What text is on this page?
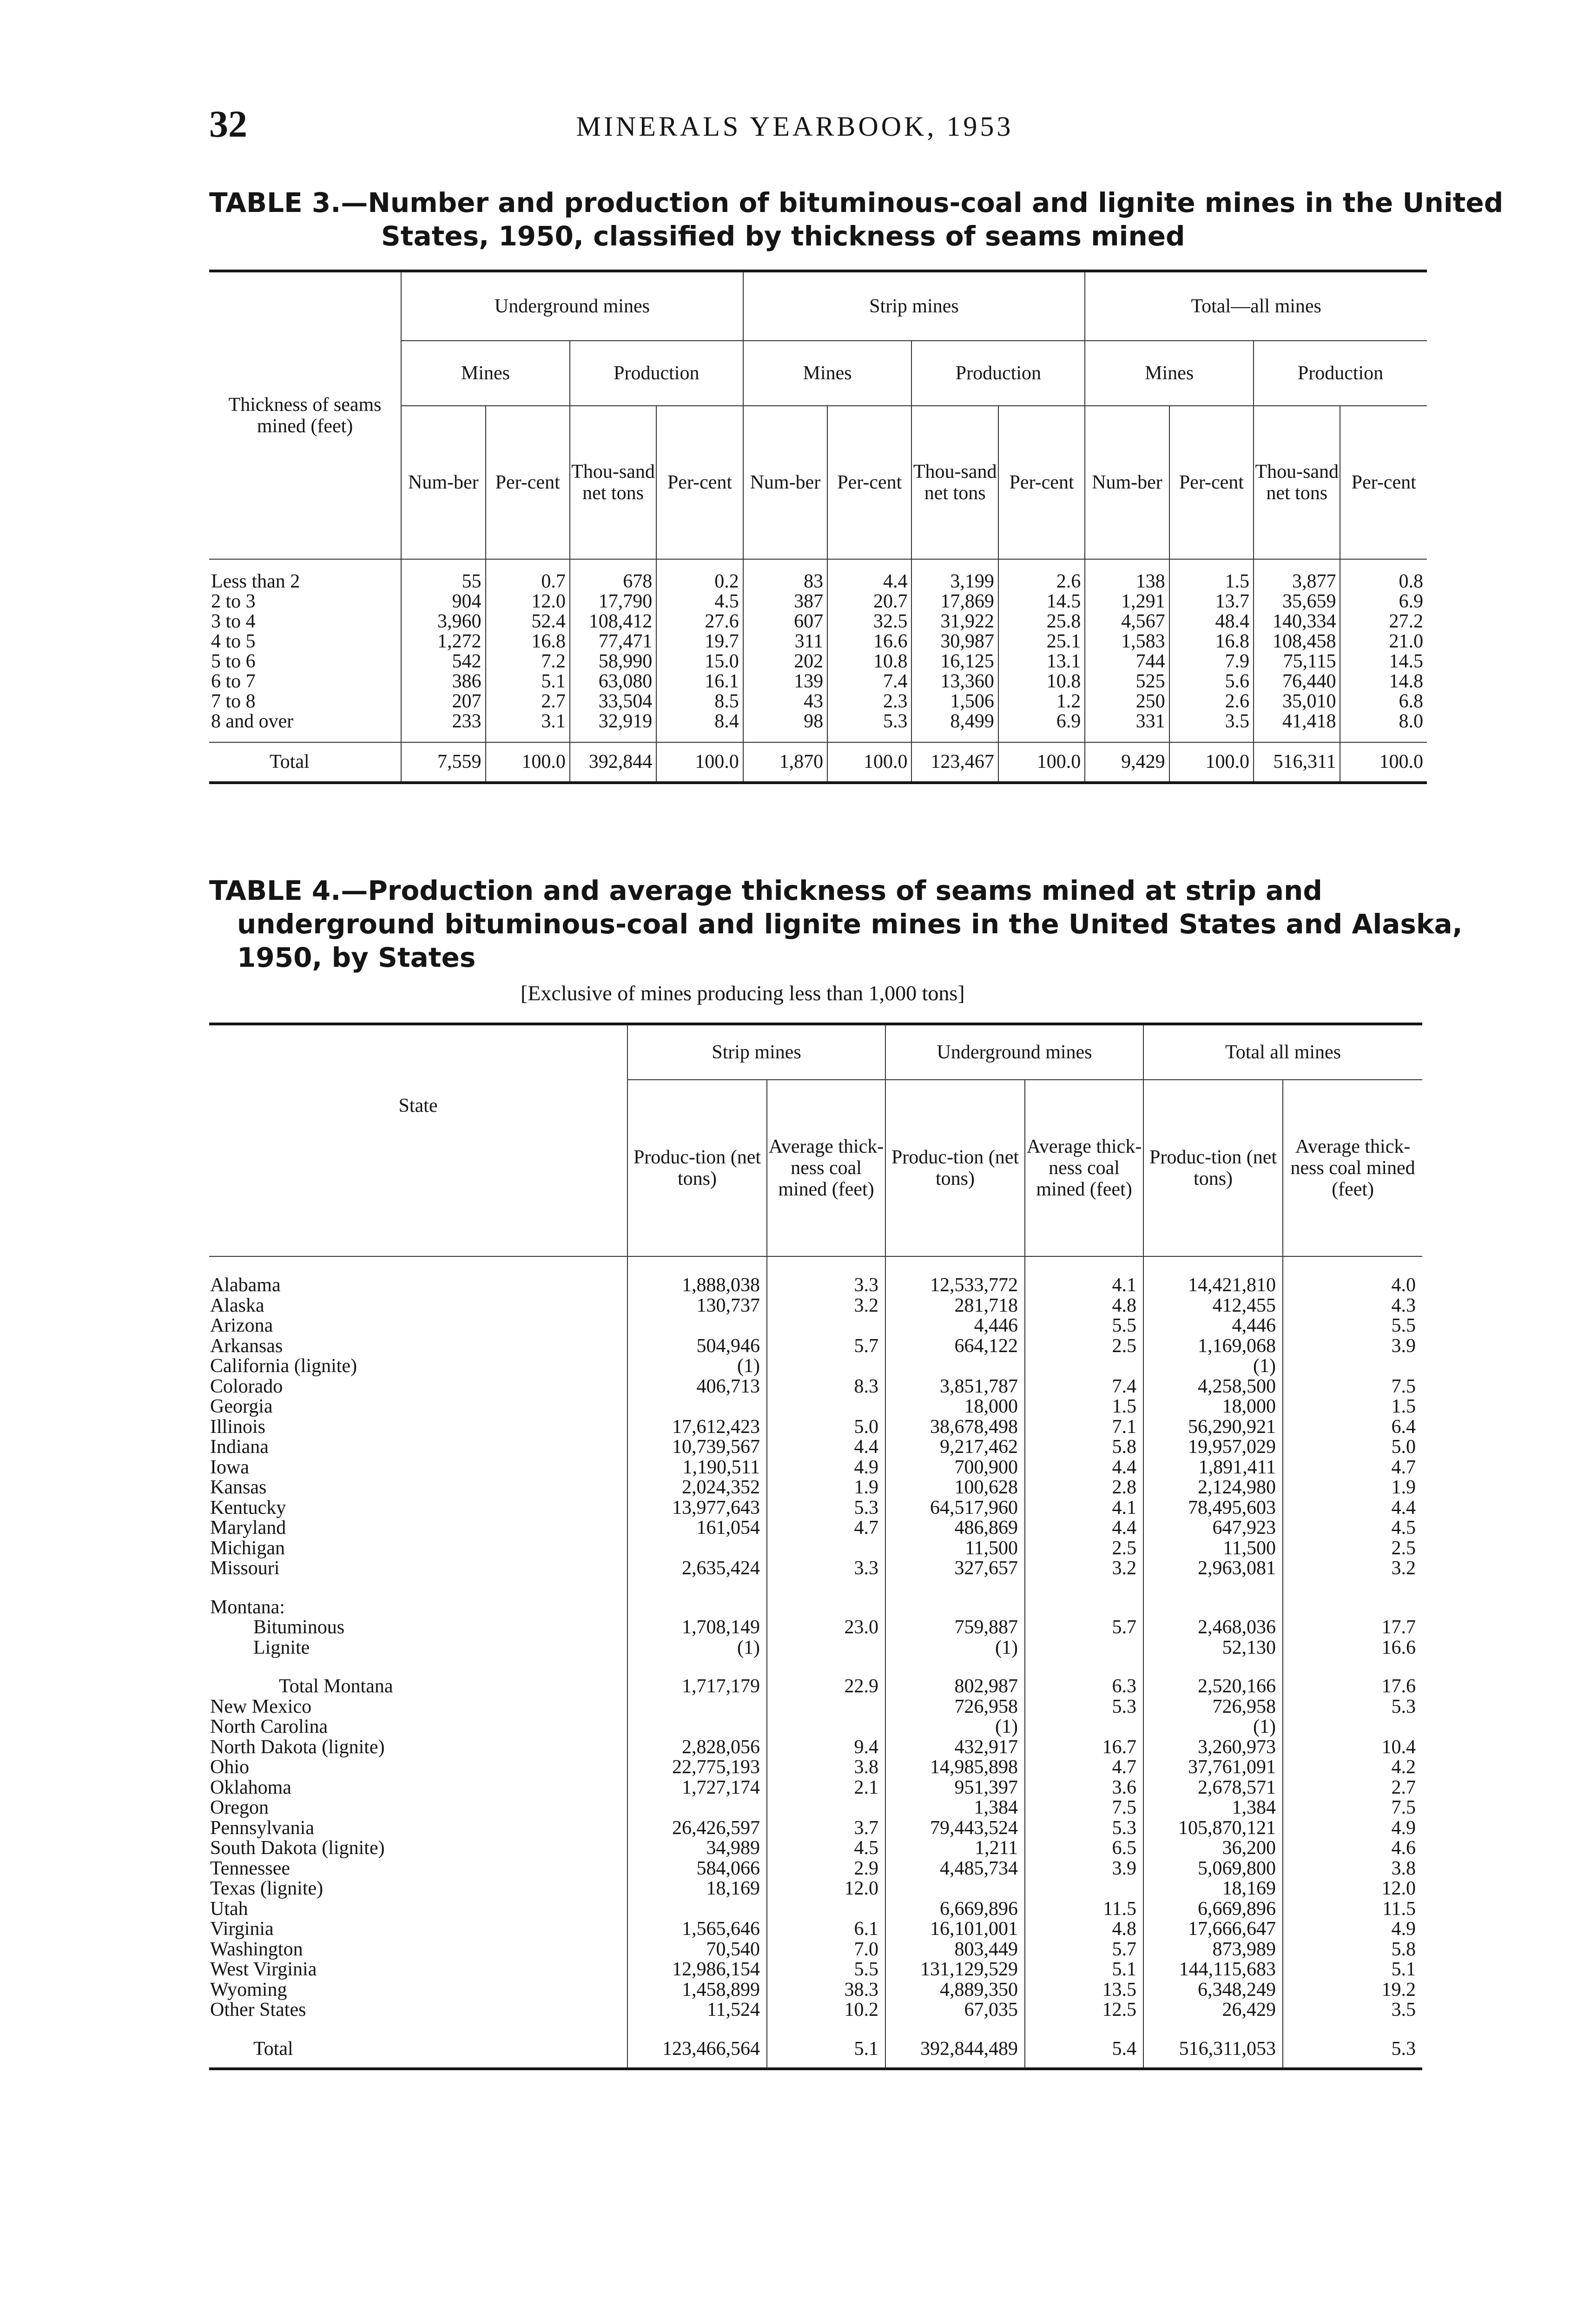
32	MINERALS YEARBOOK, 1953
TABLE 3.—Number and production of bituminous-coal and lignite mines in the United States, 1950, classified by thickness of seams mined
Thickness of seams mined (feet)	Underground mines				Strip mines				Total—all mines			
	Mines		Production		Mines		Production		Mines		Production	
	Num-ber	Per-cent	Thou-sand net tons	Per-cent	Num-ber	Per-cent	Thou-sand net tons	Per-cent	Num-ber	Per-cent	Thou-sand net tons	Per-cent
Less than 2	55	0.7	678	0.2	83	4.4	3,199	2.6	138	1.5	3,877	0.8
2 to 3	904	12.0	17,790	4.5	387	20.7	17,869	14.5	1,291	13.7	35,659	6.9
3 to 4	3,960	52.4	108,412	27.6	607	32.5	31,922	25.8	4,567	48.4	140,334	27.2
4 to 5	1,272	16.8	77,471	19.7	311	16.6	30,987	25.1	1,583	16.8	108,458	21.0
5 to 6	542	7.2	58,990	15.0	202	10.8	16,125	13.1	744	7.9	75,115	14.5
6 to 7	386	5.1	63,080	16.1	139	7.4	13,360	10.8	525	5.6	76,440	14.8
7 to 8	207	2.7	33,504	8.5	43	2.3	1,506	1.2	250	2.6	35,010	6.8
8 and over	233	3.1	32,919	8.4	98	5.3	8,499	6.9	331	3.5	41,418	8.0
Total	7,559	100.0	392,844	100.0	1,870	100.0	123,467	100.0	9,429	100.0	516,311	100.0
TABLE 4.—Production and average thickness of seams mined at strip and underground bituminous-coal and lignite mines in the United States and Alaska, 1950, by States
[Exclusive of mines producing less than 1,000 tons]
State	Strip mines		Underground mines		Total all mines	
	Produc-tion (net tons)	Average thick-ness coal mined (feet)	Produc-tion (net tons)	Average thick-ness coal mined (feet)	Produc-tion (net tons)	Average thick-ness coal mined (feet)
Alabama	1,888,038	3.3	12,533,772	4.1	14,421,810	4.0
Alaska	130,737	3.2	281,718	4.8	412,455	4.3
Arizona			4,446	5.5	4,446	5.5
Arkansas	504,946	5.7	664,122	2.5	1,169,068	3.9
California (lignite)	(1)				(1)	
Colorado	406,713	8.3	3,851,787	7.4	4,258,500	7.5
Georgia			18,000	1.5	18,000	1.5
Illinois	17,612,423	5.0	38,678,498	7.1	56,290,921	6.4
Indiana	10,739,567	4.4	9,217,462	5.8	19,957,029	5.0
Iowa	1,190,511	4.9	700,900	4.4	1,891,411	4.7
Kansas	2,024,352	1.9	100,628	2.8	2,124,980	1.9
Kentucky	13,977,643	5.3	64,517,960	4.1	78,495,603	4.4
Maryland	161,054	4.7	486,869	4.4	647,923	4.5
Michigan			11,500	2.5	11,500	2.5
Missouri	2,635,424	3.3	327,657	3.2	2,963,081	3.2
Montana:						
Bituminous	1,708,149	23.0	759,887	5.7	2,468,036	17.7
Lignite	(1)		(1)		52,130	16.6
Total Montana	1,717,179	22.9	802,987	6.3	2,520,166	17.6
New Mexico			726,958	5.3	726,958	5.3
North Carolina			(1)		(1)	
North Dakota (lignite)	2,828,056	9.4	432,917	16.7	3,260,973	10.4
Ohio	22,775,193	3.8	14,985,898	4.7	37,761,091	4.2
Oklahoma	1,727,174	2.1	951,397	3.6	2,678,571	2.7
Oregon			1,384	7.5	1,384	7.5
Pennsylvania	26,426,597	3.7	79,443,524	5.3	105,870,121	4.9
South Dakota (lignite)	34,989	4.5	1,211	6.5	36,200	4.6
Tennessee	584,066	2.9	4,485,734	3.9	5,069,800	3.8
Texas (lignite)	18,169	12.0			18,169	12.0
Utah			6,669,896	11.5	6,669,896	11.5
Virginia	1,565,646	6.1	16,101,001	4.8	17,666,647	4.9
Washington	70,540	7.0	803,449	5.7	873,989	5.8
West Virginia	12,986,154	5.5	131,129,529	5.1	144,115,683	5.1
Wyoming	1,458,899	38.3	4,889,350	13.5	6,348,249	19.2
Other States	11,524	10.2	67,035	12.5	26,429	3.5
Total	123,466,564	5.1	392,844,489	5.4	516,311,053	5.3
